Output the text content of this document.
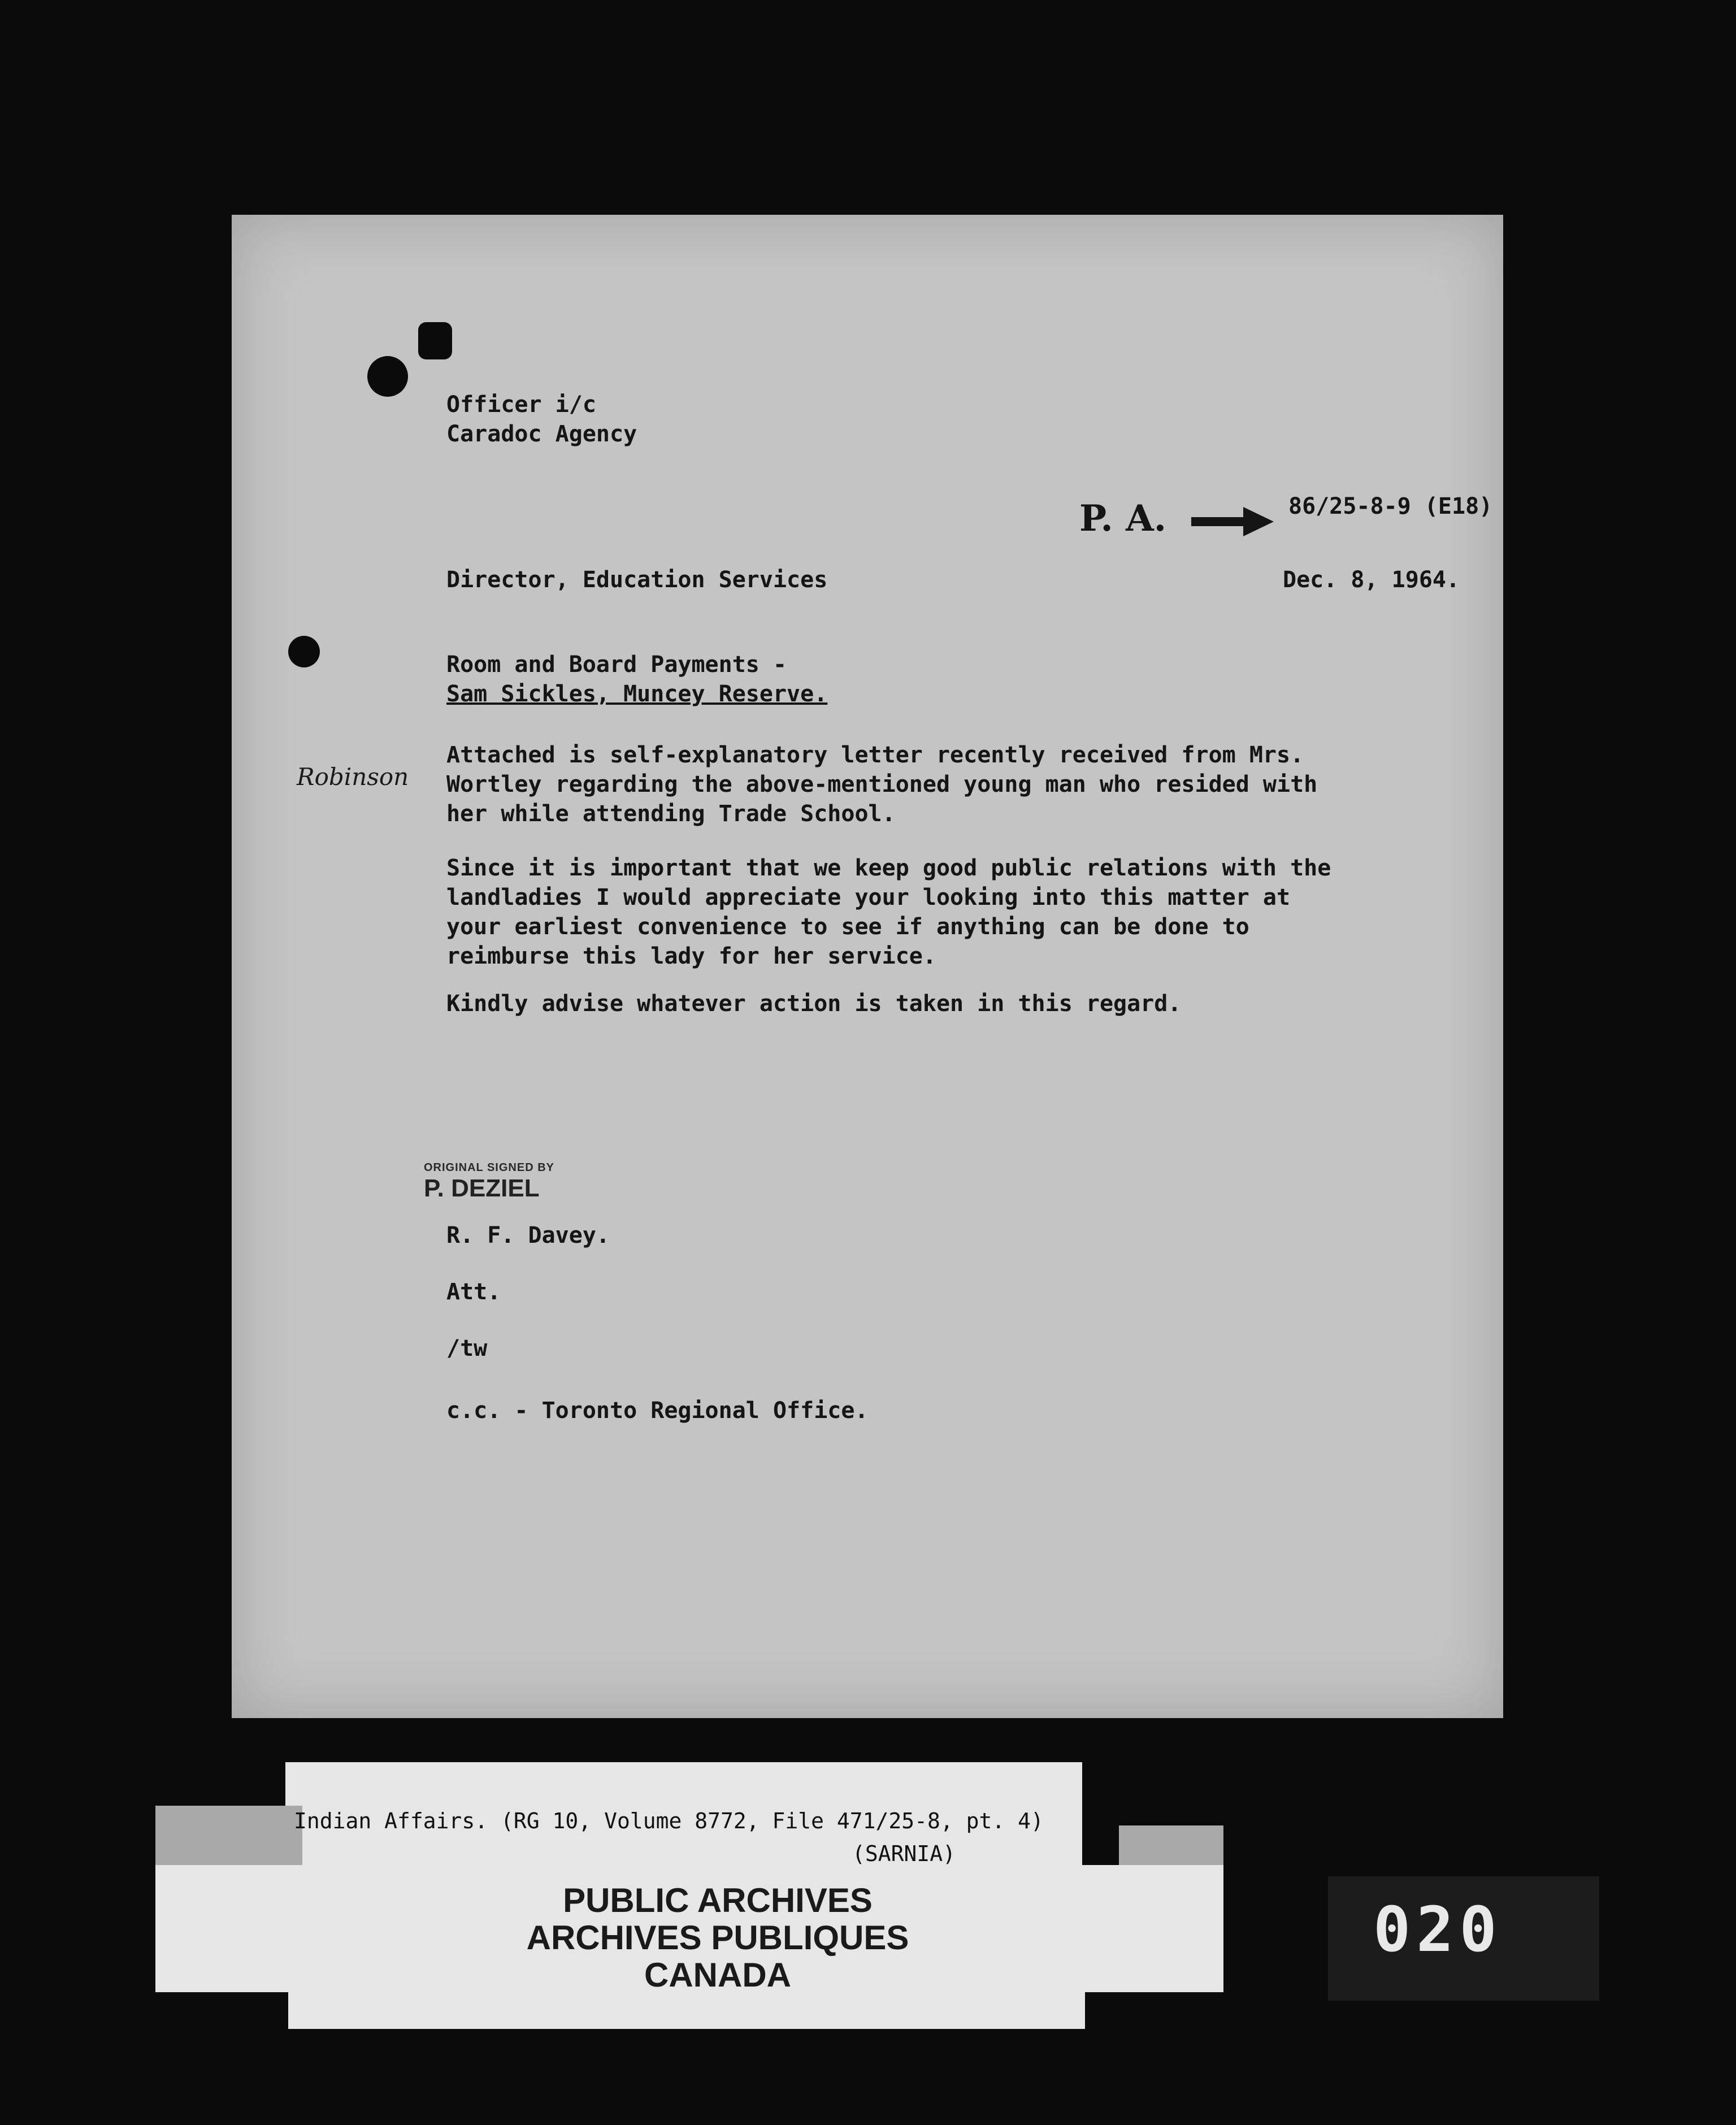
Officer i/c

Caradoc Agency

P. A.	86/25-8-9 (E18)

Director, Education Services	Dec. 8, 1964.

Room and Board Payments -

Sam Sickles, Muncey Reserve.

Robinson

Attached is self-explanatory letter recently received from Mrs. Wortley regarding the above-mentioned young man who resided with her while attending Trade School.

Since it is important that we keep good public relations with the landladies I would appreciate your looking into this matter at your earliest convenience to see if anything can be done to reimburse this lady for her service.

Kindly advise whatever action is taken in this regard.

ORIGINAL SIGNED BY
P. DEZIEL

R. F. Davey.

Att.

/tw

c.c. - Toronto Regional Office.

Indian Affairs. (RG 10, Volume 8772, File 471/25-8, pt. 4)

(SARNIA)

PUBLIC ARCHIVES
ARCHIVES PUBLIQUES
CANADA

020
